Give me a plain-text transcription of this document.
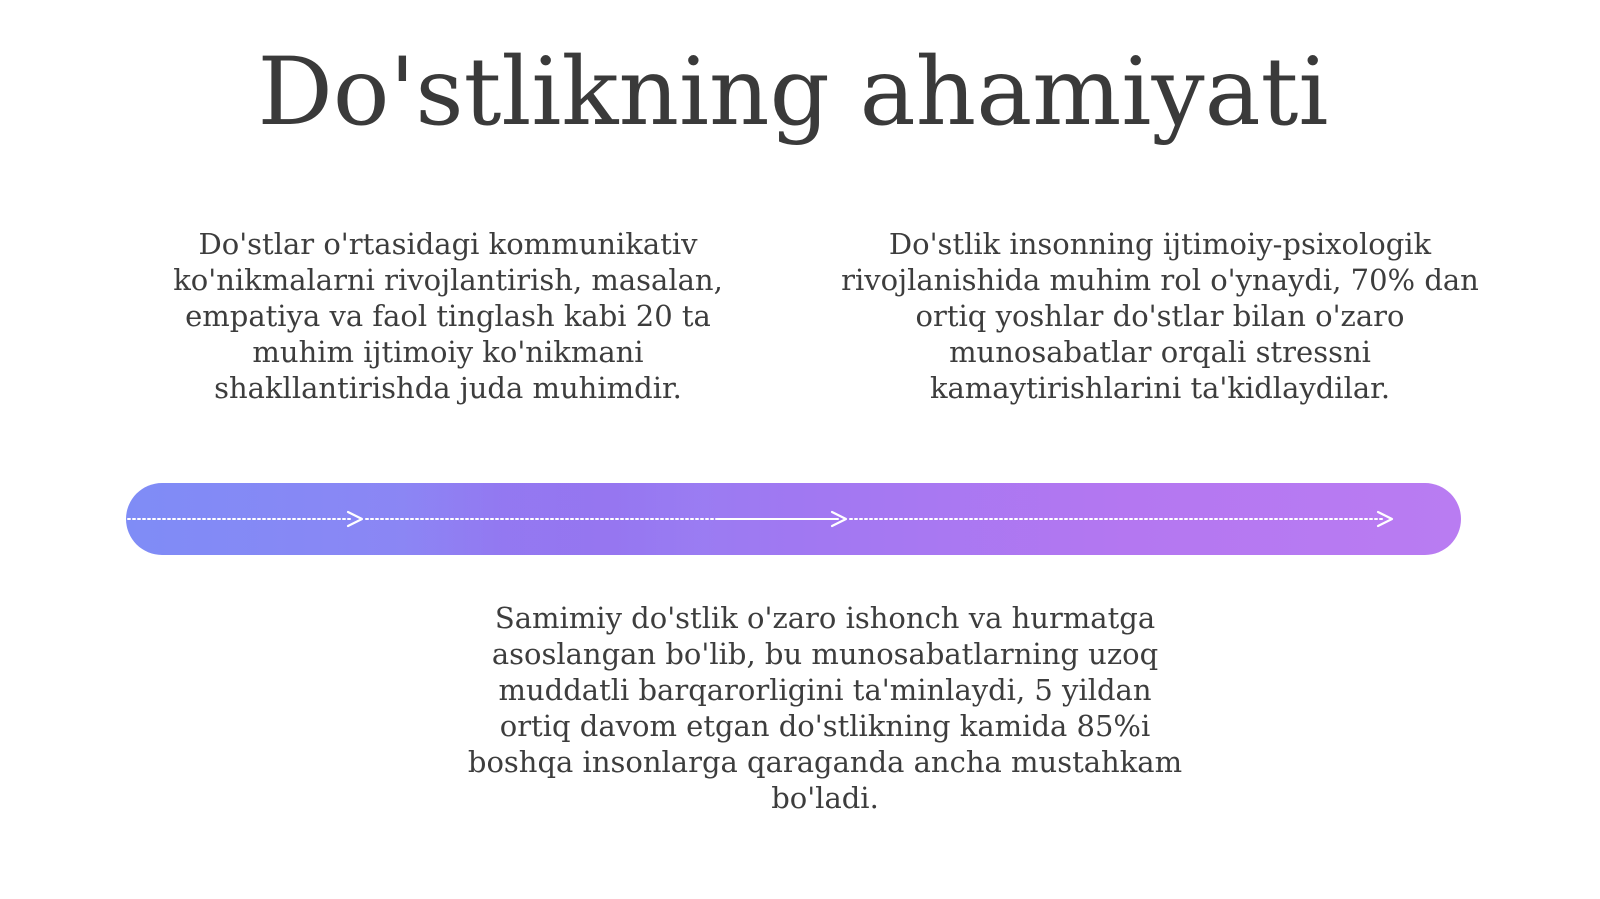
Do'stlikning ahamiyati

Do'stlar o'rtasidagi kommunikativ
ko'nikmalarni rivojlantirish, masalan,
empatiya va faol tinglash kabi 20 ta
muhim ijtimoiy ko'nikmani
shakllantirishda juda muhimdir.

Do'stlik insonning ijtimoiy-psixologik
rivojlanishida muhim rol o'ynaydi, 70% dan
ortiq yoshlar do'stlar bilan o'zaro
munosabatlar orqali stressni
kamaytirishlarini ta'kidlaydilar.

Samimiy do'stlik o'zaro ishonch va hurmatga
asoslangan bo'lib, bu munosabatlarning uzoq
muddatli barqarorligini ta'minlaydi, 5 yildan
ortiq davom etgan do'stlikning kamida 85%i
boshqa insonlarga qaraganda ancha mustahkam
bo'ladi.
